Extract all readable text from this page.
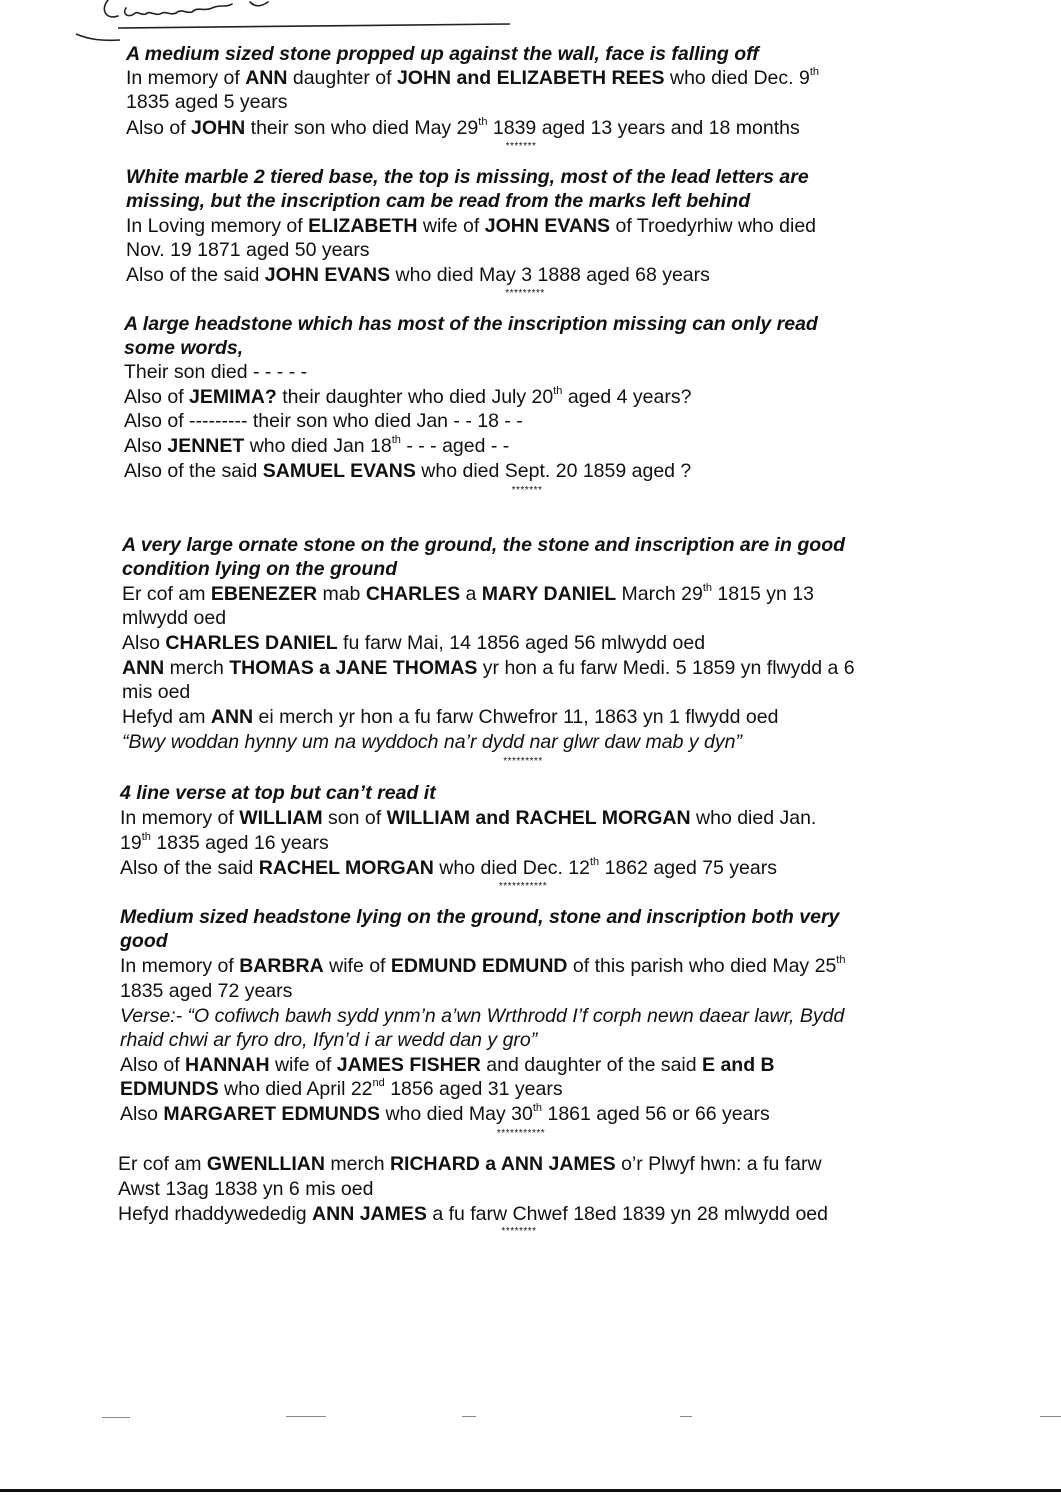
A medium sized stone propped up against the wall, face is falling off
In memory of ANN daughter of JOHN and ELIZABETH REES who died Dec. 9th
1835 aged 5 years
Also of JOHN their son who died May 29th 1839 aged 13 years and 18 months
*******
White marble 2 tiered base, the top is missing, most of the lead letters are
missing, but the inscription cam be read from the marks left behind
In Loving memory of ELIZABETH wife of JOHN EVANS of Troedyrhiw who died
Nov. 19 1871 aged 50 years
Also of the said JOHN EVANS who died May 3 1888 aged 68 years
*********
A large headstone which has most of the inscription missing can only read
some words,
Their son died - - - - -
Also of JEMIMA? their daughter who died July 20th aged 4 years?
Also of --------- their son who died Jan - - 18 - -
Also JENNET who died Jan 18th - - - aged - -
Also of the said SAMUEL EVANS who died Sept. 20 1859 aged ?
*******
A very large ornate stone on the ground, the stone and inscription are in good
condition lying on the ground
Er cof am EBENEZER mab CHARLES a MARY DANIEL March 29th 1815 yn 13
mlwydd oed
Also CHARLES DANIEL fu farw Mai, 14 1856 aged 56 mlwydd oed
ANN merch THOMAS a JANE THOMAS yr hon a fu farw Medi. 5 1859 yn flwydd a 6
mis oed
Hefyd am ANN ei merch yr hon a fu farw Chwefror 11, 1863 yn 1 flwydd oed
“Bwy woddan hynny um na wyddoch na’r dydd nar glwr daw mab y dyn”
*********
4 line verse at top but can’t read it
In memory of WILLIAM son of WILLIAM and RACHEL MORGAN who died Jan.
19th 1835 aged 16 years
Also of the said RACHEL MORGAN who died Dec. 12th 1862 aged 75 years
***********
Medium sized headstone lying on the ground, stone and inscription both very
good
In memory of BARBRA wife of EDMUND EDMUND of this parish who died May 25th
1835 aged 72 years
Verse:- “O cofiwch bawh sydd ynm’n a’wn Wrthrodd I’f corph newn daear lawr, Bydd
rhaid chwi ar fyro dro, Ifyn’d i ar wedd dan y gro”
Also of HANNAH wife of JAMES FISHER and daughter of the said E and B
EDMUNDS who died April 22nd 1856 aged 31 years
Also MARGARET EDMUNDS who died May 30th 1861 aged 56 or 66 years
***********
Er cof am GWENLLIAN merch RICHARD a ANN JAMES o’r Plwyf hwn: a fu farw
Awst 13ag 1838 yn 6 mis oed
Hefyd rhaddywededig ANN JAMES a fu farw Chwef 18ed 1839 yn 28 mlwydd oed
********
